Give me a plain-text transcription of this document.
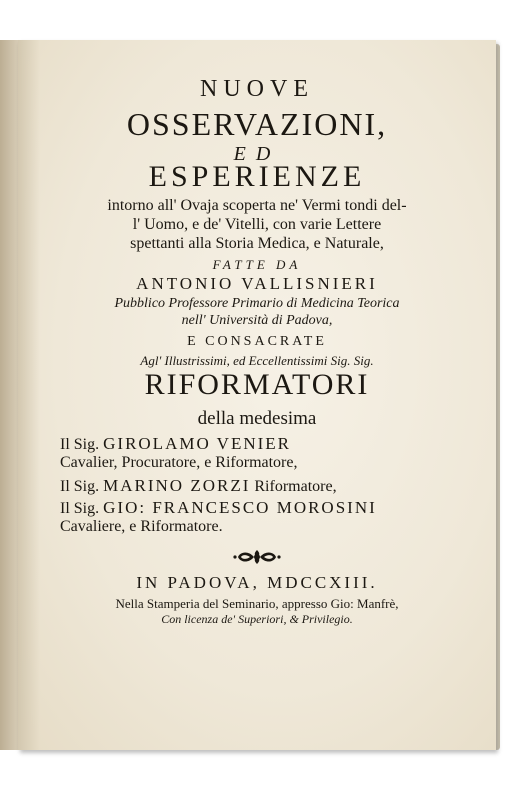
NUOVE
OSSERVAZIONI,
ED
ESPERIENZE
intorno all' Ovaja scoperta ne' Vermi tondi del-
l' Uomo, e de' Vitelli, con varie Lettere
spettanti alla Storia Medica, e Naturale,
FATTE DA
ANTONIO VALLISNIERI
Pubblico Professore Primario di Medicina Teorica
nell' Università di Padova,
E CONSACRATE
Agl' Illustrissimi, ed Eccellentissimi Sig. Sig.
RIFORMATORI
della medesima
Il Sig. GIROLAMO VENIER
Cavalier, Procuratore, e Riformatore,
Il Sig. MARINO ZORZI Riformatore,
Il Sig. GIO: FRANCESCO MOROSINI
Cavaliere, e Riformatore.
IN PADOVA, MDCCXIII.
Nella Stamperia del Seminario, appresso Gio: Manfrè,
Con licenza de' Superiori, & Privilegio.
